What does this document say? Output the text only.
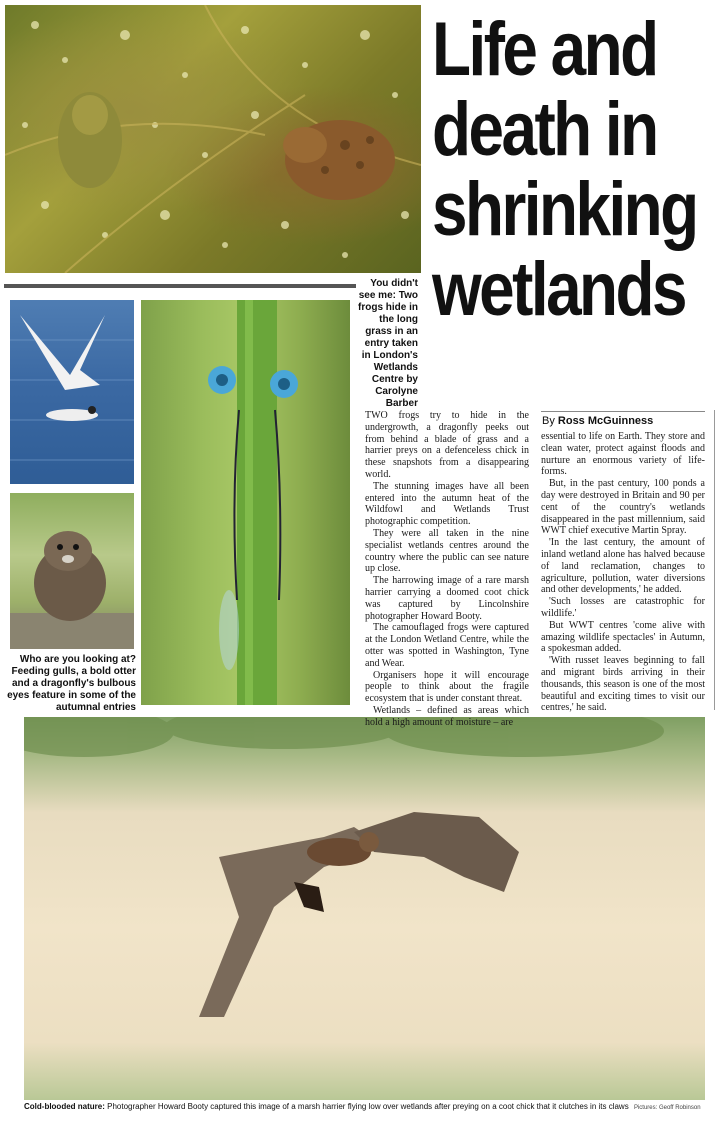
Life and
death in
shrinking
wetlands
You didn't see me: Two frogs hide in the long grass in an entry taken in London's Wetlands Centre by Carolyne Barber
Who are you looking at? Feeding gulls, a bold otter and a dragonfly's bulbous eyes feature in some of the autumnal entries
By Ross McGuinness

TWO frogs try to hide in the undergrowth, a dragonfly peeks out from behind a blade of grass and a harrier preys on a defenceless chick in these snapshots from a disappearing world.

The stunning images have all been entered into the autumn heat of the Wildfowl and Wetlands Trust photographic competition.

They were all taken in the nine specialist wetlands centres around the country where the public can see nature up close.

The harrowing image of a rare marsh harrier carrying a doomed coot chick was captured by Lincolnshire photographer Howard Booty.

The camouflaged frogs were captured at the London Wetland Centre, while the otter was spotted in Washington, Tyne and Wear.

Organisers hope it will encourage people to think about the fragile ecosystem that is under constant threat.

Wetlands – defined as areas which hold a high amount of moisture – are

essential to life on Earth. They store and clean water, protect against floods and nurture an enormous variety of life-forms.

But, in the past century, 100 ponds a day were destroyed in Britain and 90 per cent of the country's wetlands disappeared in the past millennium, said WWT chief executive Martin Spray.

'In the last century, the amount of inland wetland alone has halved because of land reclamation, changes to agriculture, pollution, water diversions and other developments,' he added.

'Such losses are catastrophic for wildlife.'

But WWT centres 'come alive with amazing wildlife spectacles' in Autumn, a spokesman added.

'With russet leaves beginning to fall and migrant birds arriving in their thousands, this season is one of the most beautiful and exciting times to visit our centres,' he said.

Cold-blooded nature: Photographer Howard Booty captured this image of a marsh harrier flying low over wetlands after preying on a coot chick that it clutches in its claws Pictures: Geoff Robinson
